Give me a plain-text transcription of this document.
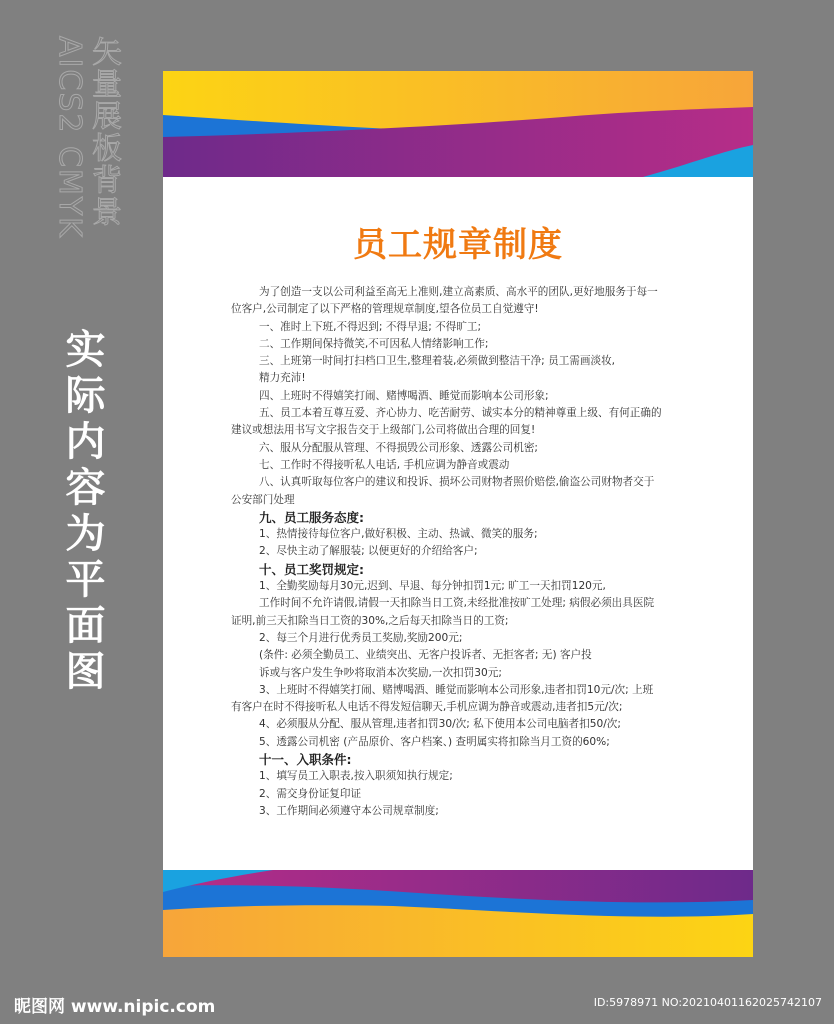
矢量展板背景
AICS2 CMYK
实际内容为平面图
员工规章制度
为了创造一支以公司利益至高无上准则,建立高素质、高水平的团队,更好地服务于每一
位客户,公司制定了以下严格的管理规章制度,望各位员工自觉遵守!
一、准时上下班,不得迟到; 不得早退; 不得旷工;
二、工作期间保持微笑,不可因私人情绪影响工作;
三、上班第一时间打扫档口卫生,整理着装,必须做到整洁干净; 员工需画淡妆,
精力充沛!
四、上班时不得嬉笑打闹、赌博喝酒、睡觉而影响本公司形象;
五、员工本着互尊互爱、齐心协力、吃苦耐劳、诚实本分的精神尊重上级、有何正确的
建议或想法用书写文字报告交于上级部门,公司将做出合理的回复!
六、服从分配服从管理、不得损毁公司形象、透露公司机密;
七、工作时不得接听私人电话, 手机应调为静音或震动
八、认真听取每位客户的建议和投诉、损坏公司财物者照价赔偿,偷盗公司财物者交于
公安部门处理
九、员工服务态度:
1、热情接待每位客户,做好积极、主动、热诚、微笑的服务;
2、尽快主动了解服装; 以便更好的介绍给客户;
十、员工奖罚规定:
1、全勤奖励每月30元,迟到、早退、每分钟扣罚1元; 旷工一天扣罚120元,
工作时间不允许请假,请假一天扣除当日工资,未经批准按旷工处理; 病假必须出具医院
证明,前三天扣除当日工资的30%,之后每天扣除当日的工资;
2、每三个月进行优秀员工奖励,奖励200元;
(条件: 必须全勤员工、业绩突出、无客户投诉者、无拒客者; 无) 客户投
诉或与客户发生争吵将取消本次奖励,一次扣罚30元;
3、上班时不得嬉笑打闹、赌博喝酒、睡觉而影响本公司形象,违者扣罚10元/次; 上班
有客户在时不得接听私人电话不得发短信聊天,手机应调为静音或震动,违者扣5元/次;
4、必须服从分配、服从管理,违者扣罚30/次; 私下使用本公司电脑者扣50/次;
5、透露公司机密 (产品原价、客户档案、) 查明属实将扣除当月工资的60%;
十一、入职条件:
1、填写员工入职表,按入职须知执行规定;
2、需交身份证复印证
3、工作期间必须遵守本公司规章制度;
昵图网 www.nipic.com	ID:5978971 NO:20210401162025742107
